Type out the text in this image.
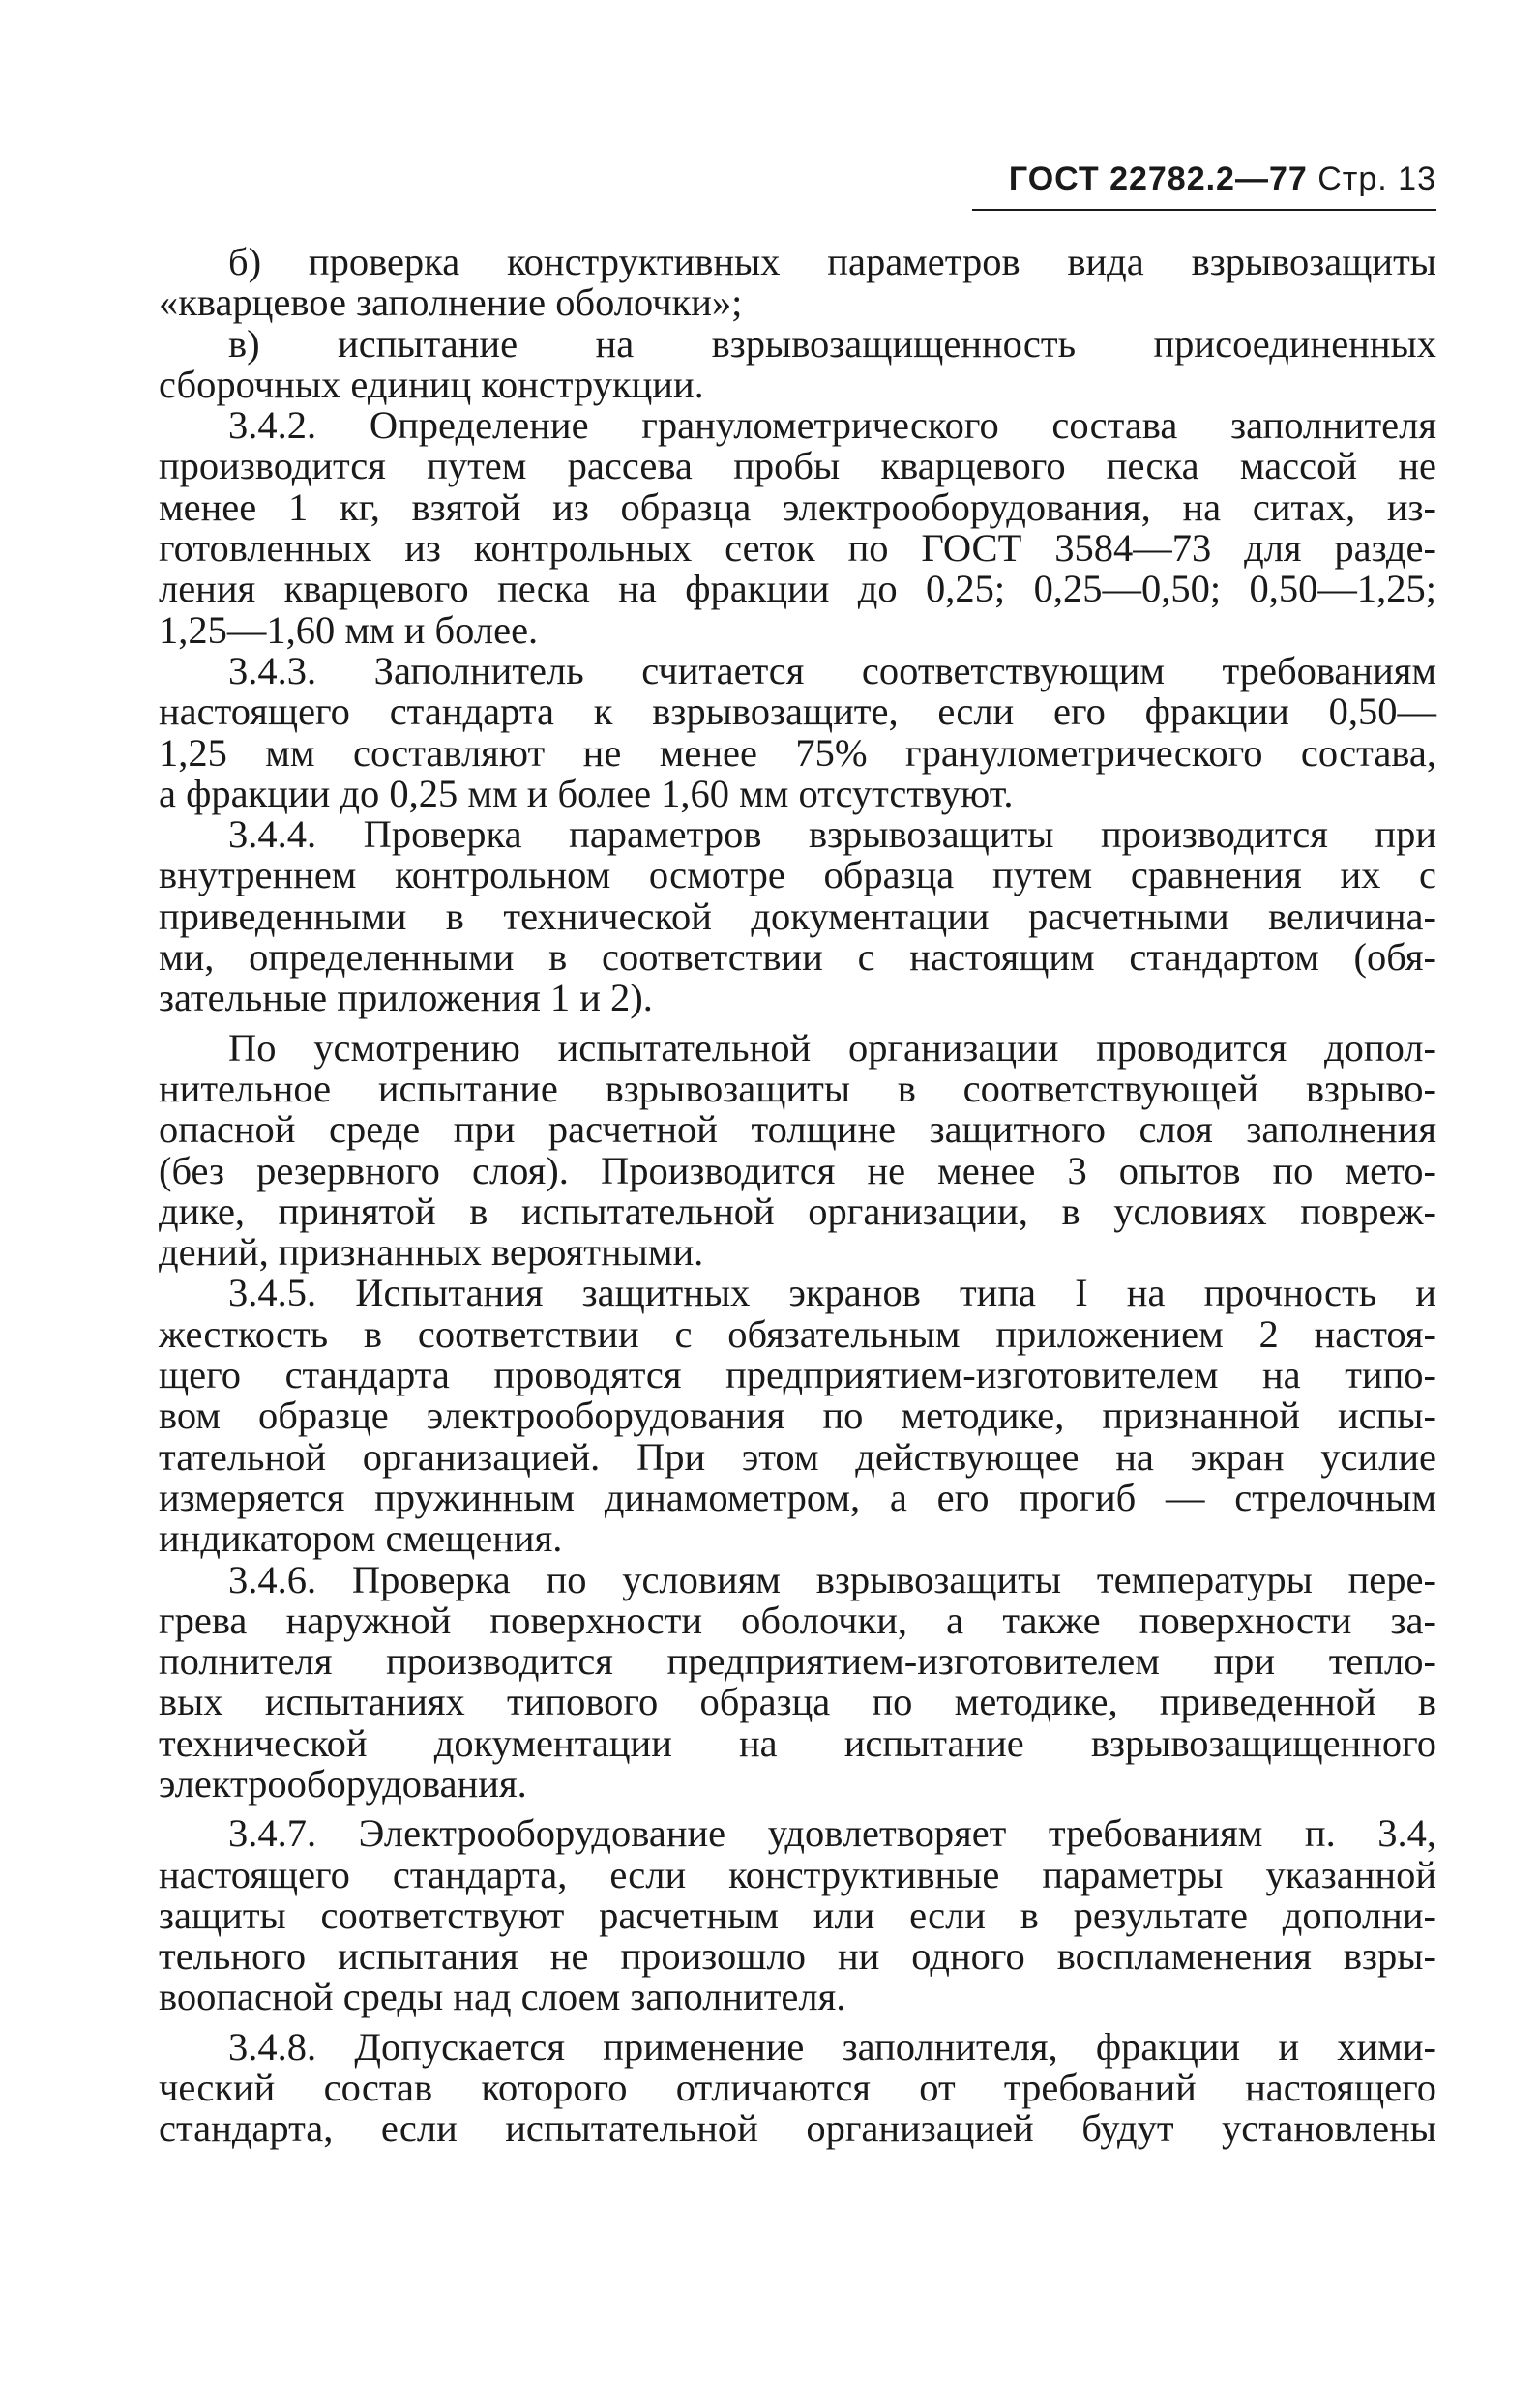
ГОСТ 22782.2—77 Стр. 13
б) проверка конструктивных параметров вида взрывозащиты
«кварцевое заполнение оболочки»;
в) испытание на взрывозащищенность присоединенных
сборочных единиц конструкции.
3.4.2. Определение гранулометрического состава заполнителя
производится путем рассева пробы кварцевого песка массой не
менее 1 кг, взятой из образца электрооборудования, на ситах, из-
готовленных из контрольных сеток по ГОСТ 3584—73 для разде-
ления кварцевого песка на фракции до 0,25; 0,25—0,50; 0,50—1,25;
1,25—1,60 мм и более.
3.4.3. Заполнитель считается соответствующим требованиям
настоящего стандарта к взрывозащите, если его фракции 0,50—
1,25 мм составляют не менее 75% гранулометрического состава,
а фракции до 0,25 мм и более 1,60 мм отсутствуют.
3.4.4. Проверка параметров взрывозащиты производится при
внутреннем контрольном осмотре образца путем сравнения их с
приведенными в технической документации расчетными величина-
ми, определенными в соответствии с настоящим стандартом (обя-
зательные приложения 1 и 2).
По усмотрению испытательной организации проводится допол-
нительное испытание взрывозащиты в соответствующей взрыво-
опасной среде при расчетной толщине защитного слоя заполнения
(без резервного слоя). Производится не менее 3 опытов по мето-
дике, принятой в испытательной организации, в условиях повреж-
дений, признанных вероятными.
3.4.5. Испытания защитных экранов типа I на прочность и
жесткость в соответствии с обязательным приложением 2 настоя-
щего стандарта проводятся предприятием-изготовителем на типо-
вом образце электрооборудования по методике, признанной испы-
тательной организацией. При этом действующее на экран усилие
измеряется пружинным динамометром, а его прогиб — стрелочным
индикатором смещения.
3.4.6. Проверка по условиям взрывозащиты температуры пере-
грева наружной поверхности оболочки, а также поверхности за-
полнителя производится предприятием-изготовителем при тепло-
вых испытаниях типового образца по методике, приведенной в
технической документации на испытание взрывозащищенного
электрооборудования.
3.4.7. Электрооборудование удовлетворяет требованиям п. 3.4,
настоящего стандарта, если конструктивные параметры указанной
защиты соответствуют расчетным или если в результате дополни-
тельного испытания не произошло ни одного воспламенения взры-
воопасной среды над слоем заполнителя.
3.4.8. Допускается применение заполнителя, фракции и хими-
ческий состав которого отличаются от требований настоящего
стандарта, если испытательной организацией будут установлены
